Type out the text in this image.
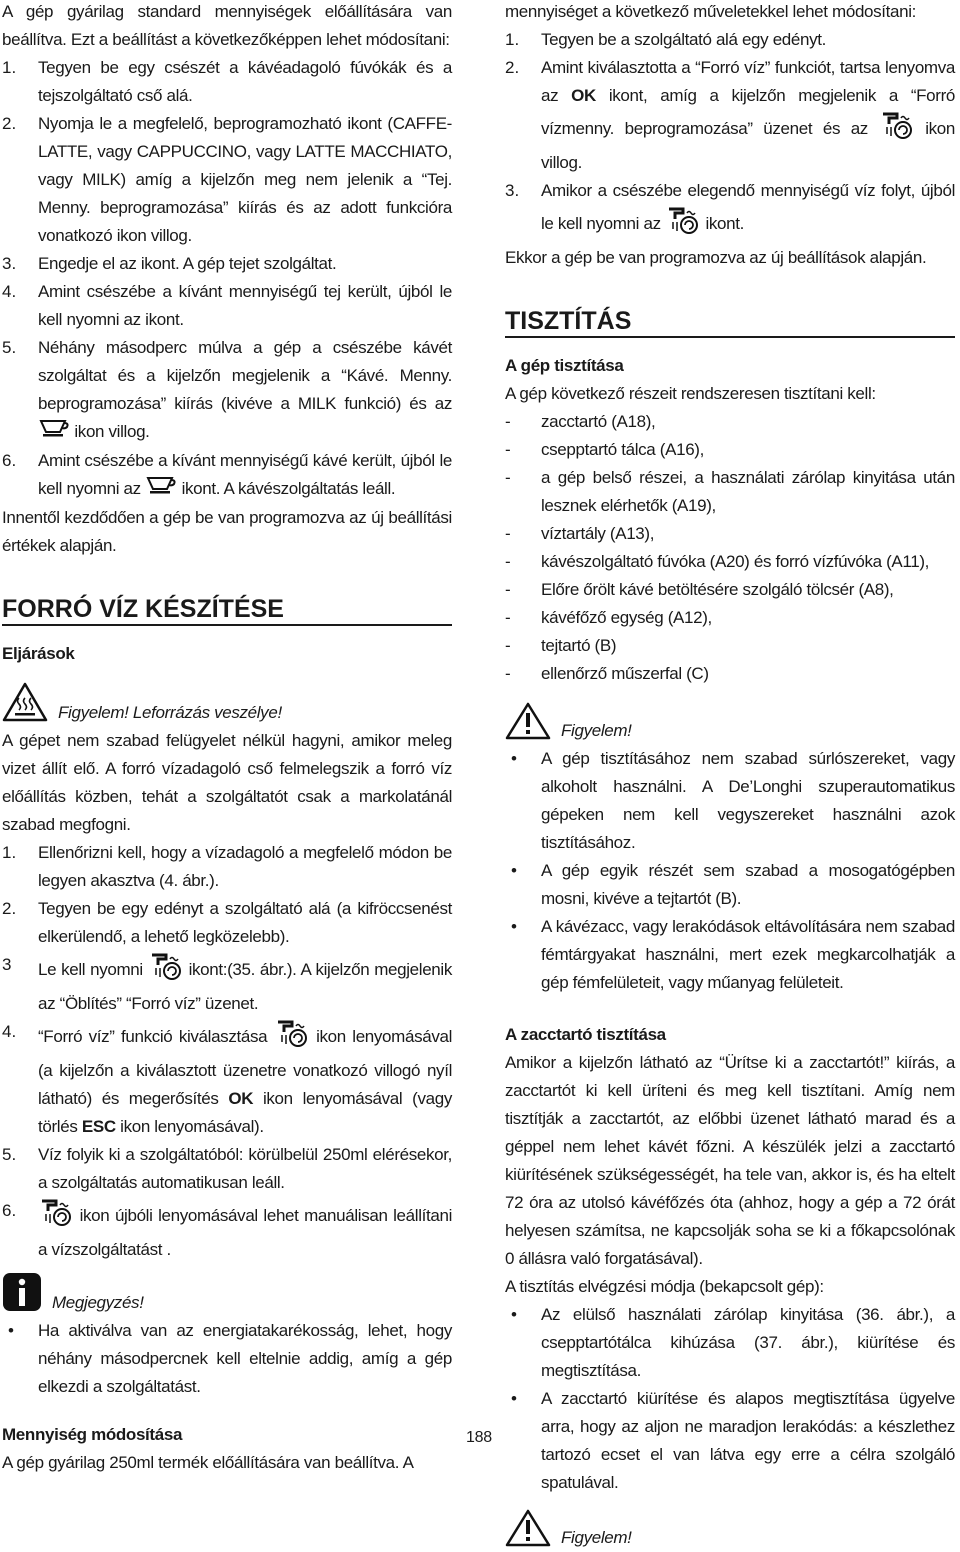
A gép gyárilag standard mennyiségek előállítására van beállítva. Ezt a beállítást a következőképpen lehet módosítani:

1. Tegyen be egy csészét a kávéadagoló fúvókák és a tejszolgáltató cső alá.
2. Nyomja le a megfelelő, beprogramozható ikont (CAFFE-LATTE, vagy CAPPUCCINO, vagy LATTE MACCHIATO, vagy MILK) amíg a kijelzőn meg nem jelenik a “Tej. Menny. beprogramozása” kiírás és az adott funkcióra vonatkozó ikon villog.
3. Engedje el az ikont. A gép tejet szolgáltat.
4. Amint csészébe a kívánt mennyiségű tej került, újból le kell nyomni az ikont.
5. Néhány másodperc múlva a gép a csészébe kávét szolgáltat és a kijelzőn megjelenik a “Kávé. Menny. beprogramozása” kiírás (kivéve a MILK funkció) és az  ikon villog.
6. Amint csészébe a kívánt mennyiségű kávé került, újból le kell nyomni az ikont. A kávészolgáltatás leáll.

Innentől kezdődően a gép be van programozva az új beállítási értékek alapján.

FORRÓ VÍZ KÉSZÍTÉSE
Eljárások
Figyelem! Leforrázás veszélye!

A gépet nem szabad felügyelet nélkül hagyni, amikor meleg vizet állít elő. A forró vízadagoló cső felmelegszik a forró víz előállítás közben, tehát a szolgáltatót csak a markolatánál szabad megfogni.

1. Ellenőrizni kell, hogy a vízadagoló a megfelelő módon be legyen akasztva (4. ábr.).
2. Tegyen be egy edényt a szolgáltató alá (a kifröccsenést elkerülendő, a lehető legközelebb).
3 Le kell nyomni	ikont:(35. ábr.). A kijelzőn megjelenik az “Öblítés” “Forró víz” üzenet.
4. “Forró víz” funkció kiválasztása	ikon lenyomásával (a kijelzőn a kiválasztott üzenetre vonatkozó villogó nyíl látható) és megerősítés OK ikon lenyomásával (vagy törlés ESC ikon lenyomásával).
5. Víz folyik ki a szolgáltatóból: körülbelül 250ml elérésekor, a szolgáltatás automatikusan leáll.
6.	ikon újbóli lenyomásával lehet manuálisan leállítani a vízszolgáltatást .
Megjegyzés!
• Ha aktiválva van az energiatakarékosság, lehet, hogy néhány másodpercnek kell eltelnie addig, amíg a gép elkezdi a szolgáltatást.
Mennyiség módosítása

A gép gyárilag 250ml termék előállítására van beállítva. A

mennyiséget a következő műveletekkel lehet módosítani:

1. Tegyen be a szolgáltató alá egy edényt.
2. Amint kiválasztotta a “Forró víz” funkciót, tartsa lenyomva az OK ikont, amíg a kijelzőn megjelenik a “Forró vízmenny. beprogramozása” üzenet és az	ikon villog.
3. Amikor a csészébe elegendő mennyiségű víz folyt, újból le kell nyomni az	ikont.

Ekkor a gép be van programozva az új beállítások alapján.

TISZTÍTÁS
A gép tisztítása

A gép következő részeit rendszeresen tisztítani kell:

- zacctartó (A18),
- csepptartó tálca (A16),
- a gép belső részei, a használati zárólap kinyitása után lesznek elérhetők (A19),
- víztartály (A13),
- kávészolgáltató fúvóka (A20) és forró vízfúvóka (A11),
- Előre őrölt kávé betöltésére szolgáló tölcsér (A8),
- kávéfőző egység (A12),
- tejtartó (B)
- ellenőrző műszerfal (C)
Figyelem!
• A gép tisztításához nem szabad súrlószereket, vagy alkoholt használni. A De’Longhi szuperautomatikus gépeken nem kell vegyszereket használni azok tisztításához.
• A gép egyik részét sem szabad a mosogatógépben mosni, kivéve a tejtartót (B).
• A kávézacc, vagy lerakódások eltávolítására nem szabad fémtárgyakat használni, mert ezek megkarcolhatják a gép fémfelületeit, vagy műanyag felületeit.
A zacctartó tisztítása

Amikor a kijelzőn látható az “Ürítse ki a zacctartót!” kiírás, a zacctartót ki kell üríteni és meg kell tisztítani. Amíg nem tisztítják a zacctartót, az előbbi üzenet látható marad és a géppel nem lehet kávét főzni. A készülék jelzi a zacctartó kiürítésének szükségességét, ha tele van, akkor is, és ha eltelt 72 óra az utolsó kávéfőzés óta (ahhoz, hogy a gép a 72 órát helyesen számítsa, ne kapcsolják soha se ki a főkapcsolónak 0 állásra való forgatásával).

A tisztítás elvégzési módja (bekapcsolt gép):

• Az elülső használati zárólap kinyitása (36. ábr.), a csepptartótálca kihúzása (37. ábr.), kiürítése és megtisztítása.
• A zacctartó kiürítése és alapos megtisztítása ügyelve arra, hogy az aljon ne maradjon lerakódás: a készlethez tartozó ecset el van látva egy erre a célra szolgáló spatulával.
Figyelem!
188
